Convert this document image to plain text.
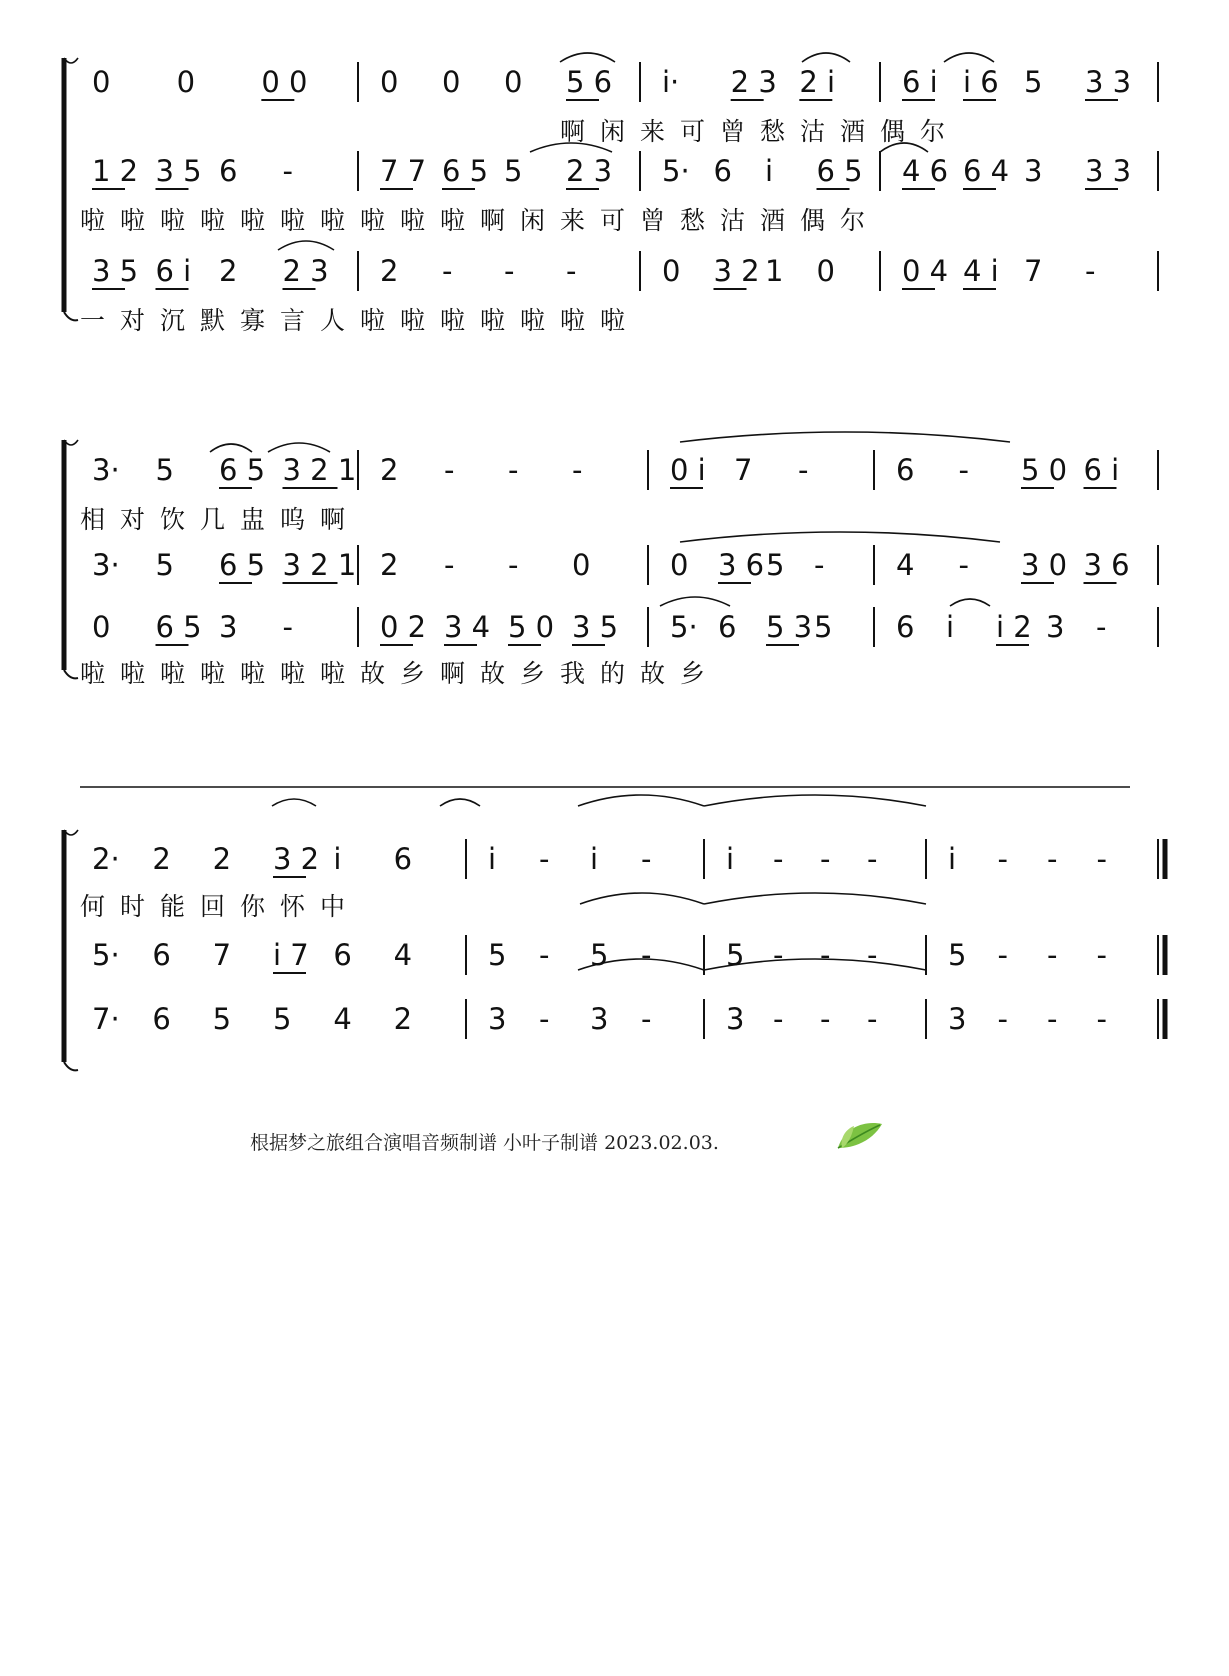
0 0 0 0	0 0 0 5 6 i· 2 3 2 i 6 i i 6 5 3 3
啊 闲 来 可 曾 愁 沽 酒 偶 尔
1 2 3 5 6 -	7 7 6 5 5 2 3 5· 6 i 6 5 4 6 6 4 3 3 3
啦 啦 啦 啦 啦 啦 啦 啦 啦 啦 啊 闲 来 可 曾 愁 沽 酒 偶 尔
3 5 6 i 2 2 3 2 - - -	0 3 2 1 0 0 4 4 i 7 -
一 对 沉 默 寡 言 人 啦 啦 啦 啦 啦 啦 啦
3· 5 6 5 3 2 1 2 - - -	0 i 7 -	6 - 5 0 6 i
相 对 饮 几 盅 呜 啊
3· 5 6 5 3 2 1 2 - - 0	0 3 6 5 - 4 - 3 0 3 6
0 6 5 3 -	0 2 3 4 5 0 3 5 5· 6 5 3 5 6 i i 2 3 -
啦 啦 啦 啦 啦 啦 啦 故 乡 啊 故 乡 我 的 故 乡
2· 2 2 3 2 i 6	i - i -	i - - - i - - -
何 时 能 回 你 怀 中
5· 6 7 i 7 6 4	5 - 5 -	5 - - - 5 - - -
7· 6 5 5 4 2	3 - 3 -	3 - - - 3 - - -
根据梦之旅组合演唱音频制谱 小叶子制谱 2023.02.03.
